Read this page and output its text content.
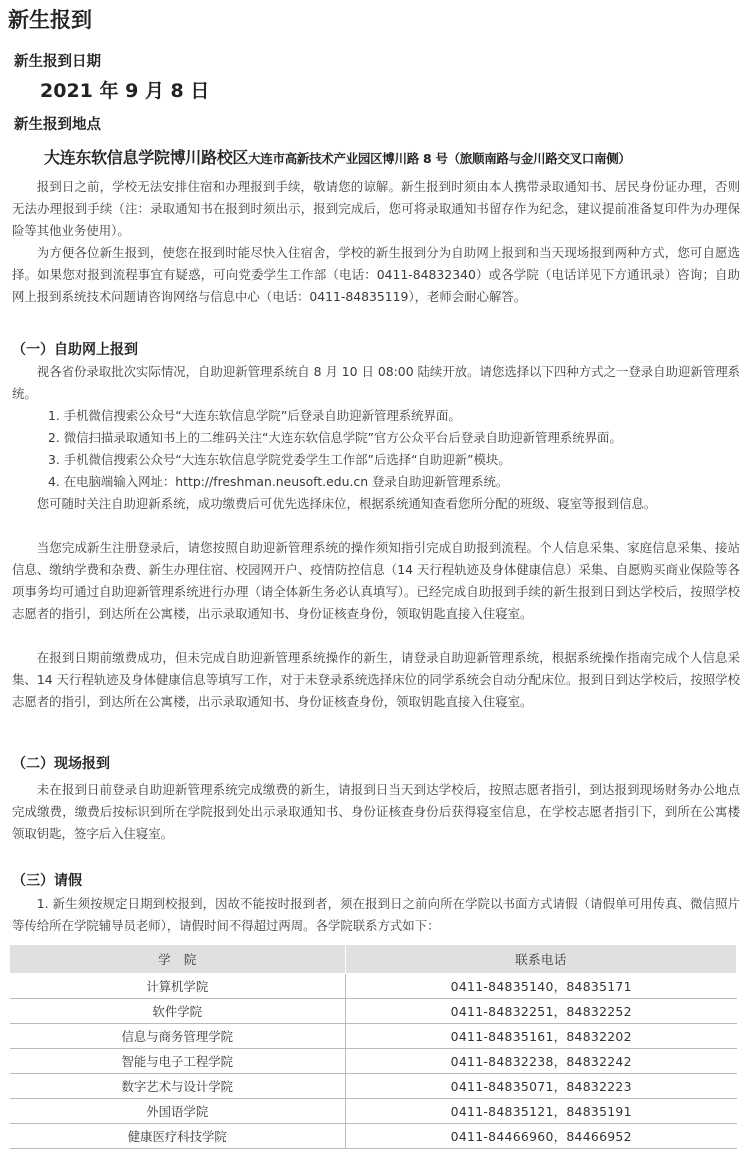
新生报到
新生报到日期
2021 年 9 月 8 日
新生报到地点
大连东软信息学院博川路校区大连市高新技术产业园区博川路 8 号（旅顺南路与金川路交叉口南侧）

报到日之前，学校无法安排住宿和办理报到手续，敬请您的谅解。新生报到时须由本人携带录取通知书、居民身份证办理，否则无法办理报到手续（注：录取通知书在报到时须出示，报到完成后，您可将录取通知书留存作为纪念，建议提前准备复印件为办理保险等其他业务使用）。

为方便各位新生报到，使您在报到时能尽快入住宿舍，学校的新生报到分为自助网上报到和当天现场报到两种方式，您可自愿选择。如果您对报到流程事宜有疑惑，可向党委学生工作部（电话：0411-84832340）或各学院（电话详见下方通讯录）咨询；自助网上报到系统技术问题请咨询网络与信息中心（电话：0411-84835119），老师会耐心解答。

（一）自助网上报到

视各省份录取批次实际情况，自助迎新管理系统自 8 月 10 日 08:00 陆续开放。请您选择以下四种方式之一登录自助迎新管理系统。

1. 手机微信搜索公众号“大连东软信息学院”后登录自助迎新管理系统界面。
2. 微信扫描录取通知书上的二维码关注“大连东软信息学院”官方公众平台后登录自助迎新管理系统界面。
3. 手机微信搜索公众号“大连东软信息学院党委学生工作部”后选择“自助迎新”模块。
4. 在电脑端输入网址：http://freshman.neusoft.edu.cn 登录自助迎新管理系统。

您可随时关注自助迎新系统，成功缴费后可优先选择床位，根据系统通知查看您所分配的班级、寝室等报到信息。

当您完成新生注册登录后，请您按照自助迎新管理系统的操作须知指引完成自助报到流程。个人信息采集、家庭信息采集、接站信息、缴纳学费和杂费、新生办理住宿、校园网开户、疫情防控信息（14 天行程轨迹及身体健康信息）采集、自愿购买商业保险等各项事务均可通过自助迎新管理系统进行办理（请全体新生务必认真填写）。已经完成自助报到手续的新生报到日到达学校后，按照学校志愿者的指引，到达所在公寓楼，出示录取通知书、身份证核查身份，领取钥匙直接入住寝室。

在报到日期前缴费成功，但未完成自助迎新管理系统操作的新生，请登录自助迎新管理系统，根据系统操作指南完成个人信息采集、14 天行程轨迹及身体健康信息等填写工作，对于未登录系统选择床位的同学系统会自动分配床位。报到日到达学校后，按照学校志愿者的指引，到达所在公寓楼，出示录取通知书、身份证核查身份，领取钥匙直接入住寝室。

（二）现场报到

未在报到日前登录自助迎新管理系统完成缴费的新生，请报到日当天到达学校后，按照志愿者指引，到达报到现场财务办公地点完成缴费，缴费后按标识到所在学院报到处出示录取通知书、身份证核查身份后获得寝室信息，在学校志愿者指引下，到所在公寓楼领取钥匙，签字后入住寝室。

（三）请假

1. 新生须按规定日期到校报到，因故不能按时报到者，须在报到日之前向所在学院以书面方式请假（请假单可用传真、微信照片等传给所在学院辅导员老师），请假时间不得超过两周。各学院联系方式如下：

学　院	联系电话
计算机学院	0411-84835140，84835171
软件学院	0411-84832251，84832252
信息与商务管理学院	0411-84835161，84832202
智能与电子工程学院	0411-84832238，84832242
数字艺术与设计学院	0411-84835071，84832223
外国语学院	0411-84835121，84835191
健康医疗科技学院	0411-84466960，84466952
